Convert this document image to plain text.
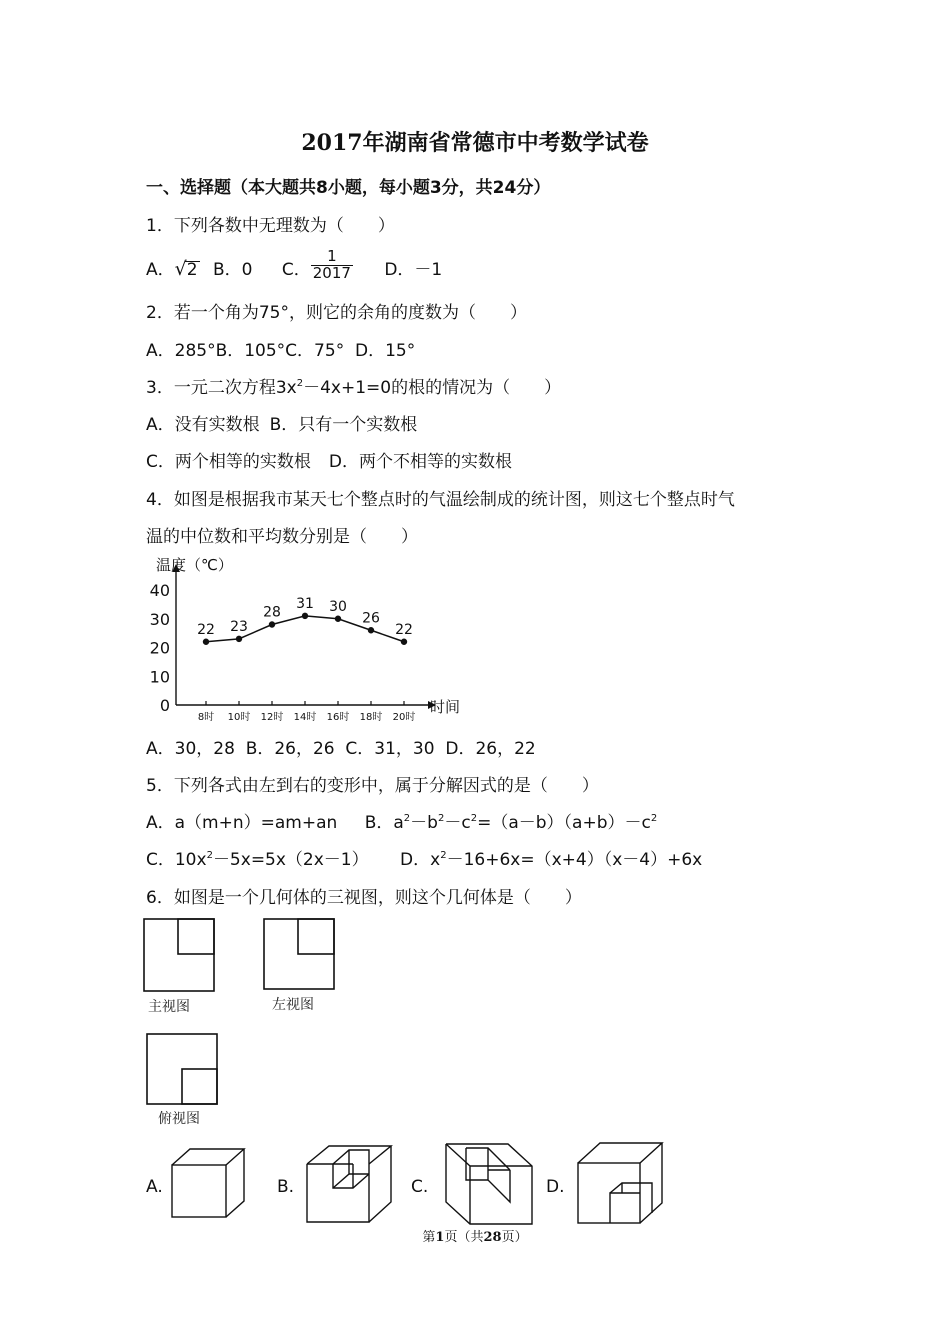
2017年湖南省常德市中考数学试卷
一、选择题（本大题共8小题，每小题3分，共24分）
1．下列各数中无理数为（　　）
A．√2 B．0 C． $\frac{1}{2017}$ D．－1
2．若一个角为75°，则它的余角的度数为（　　）
A．285°B．105°C．75°  D．15°
3．一元二次方程$3x^2-4x+1=0$的根的情况为（　　）
A．没有实数根 B．只有一个实数根
C．两个相等的实数根 D．两个不相等的实数根
4．如图是根据我市某天七个整点时的气温绘制成的统计图，则这七个整点时气
温的中位数和平均数分别是（　　）
温度（℃）
时间
0
10
20
30
40
8时 10时 12时 14时 16时 18时 20时
22 23
28
31 30
26
22
A．30，28  B．26，26  C．31，30  D．26，22
5．下列各式由左到右的变形中，属于分解因式的是（　　）
A．a（m+n）=am+an B．$a^2-b^2-c^2=(a-b)(a+b)-c^2$
C．$10x^2-5x=5x(2x-1)$ D．$x^2-16+6x=(x+4)(x-4)+6x$
6．如图是一个几何体的三视图，则这个几何体是（　　）
主视图	左视图
俯视图
A.	B.	C.	D.
第1页（共28页）
